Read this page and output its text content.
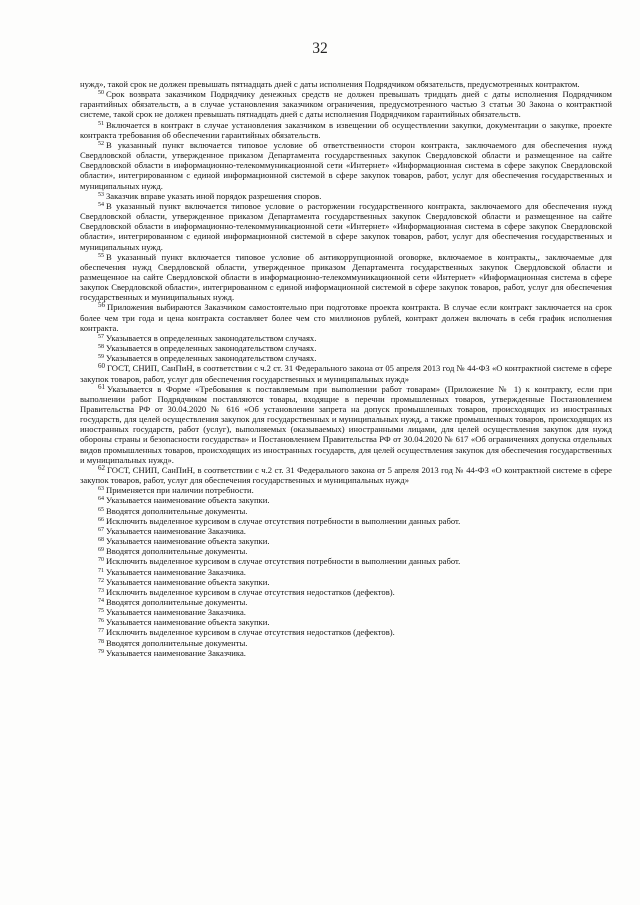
32

нужд», такой срок не должен превышать пятнадцать дней с даты исполнения Подрядчиком обязательств, предусмотренных контрактом.

$^{50}$ Срок возврата заказчиком Подрядчику денежных средств не должен превышать тридцать дней с даты исполнения Подрядчиком гарантийных обязательств, а в случае установления заказчиком ограничения, предусмотренного частью 3 статьи 30 Закона о контрактной системе, такой срок не должен превышать пятнадцать дней с даты исполнения Подрядчиком гарантийных обязательств.

$^{51}$ Включается в контракт в случае установления заказчиком в извещении об осуществлении закупки, документации о закупке, проекте контракта требования об обеспечении гарантийных обязательств.

$^{52}$ В указанный пункт включается типовое условие об ответственности сторон контракта, заключаемого для обеспечения нужд Свердловской области, утвержденное приказом Департамента государственных закупок Свердловской области и размещенное на сайте Свердловской области в информационно-телекоммуникационной сети «Интернет» «Информационная система в сфере закупок Свердловской области», интегрированном с единой информационной системой в сфере закупок товаров, работ, услуг для обеспечения государственных и муниципальных нужд.

$^{53}$ Заказчик вправе указать иной порядок разрешения споров.

$^{54}$ В указанный пункт включается типовое условие о расторжении государственного контракта, заключаемого для обеспечения нужд Свердловской области, утвержденное приказом Департамента государственных закупок Свердловской области и размещенное на сайте Свердловской области в информационно-телекоммуникационной сети «Интернет» «Информационная система в сфере закупок Свердловской области», интегрированном с единой информационной системой в сфере закупок товаров, работ, услуг для обеспечения государственных и муниципальных нужд.

$^{55}$ В указанный пункт включается типовое условие об антикоррупционной оговорке, включаемое в контракты,, заключаемые для обеспечения нужд Свердловской области, утвержденное приказом Департамента государственных закупок Свердловской области и размещенное на сайте Свердловской области в информационно-телекоммуникационной сети «Интернет» «Информационная система в сфере закупок Свердловской области», интегрированном с единой информационной системой в сфере закупок товаров, работ, услуг для обеспечения государственных и муниципальных нужд.

$^{56}$ Приложения выбираются Заказчиком самостоятельно при подготовке проекта контракта. В случае если контракт заключается на срок более чем три года и цена контракта составляет более чем сто миллионов рублей, контракт должен включать в себя график исполнения контракта.

$^{57}$ Указывается в определенных законодательством случаях.

$^{58}$ Указывается в определенных законодательством случаях.

$^{59}$ Указывается в определенных законодательством случаях.

$^{60}$ ГОСТ, СНИП, СанПиН, в соответствии с ч.2 ст. 31 Федерального закона от 05 апреля 2013 год № 44-ФЗ «О контрактной системе в сфере закупок товаров, работ, услуг для обеспечения государственных и муниципальных нужд»

$^{61}$ Указывается в Форме «Требования к поставляемым при выполнении работ товарам» (Приложение № 1) к контракту, если при выполнении работ Подрядчиком поставляются товары, входящие в перечни промышленных товаров, утвержденные Постановлением Правительства РФ от 30.04.2020 № 616 «Об установлении запрета на допуск промышленных товаров, происходящих из иностранных государств, для целей осуществления закупок для государственных и муниципальных нужд, а также промышленных товаров, происходящих из иностранных государств, работ (услуг), выполняемых (оказываемых) иностранными лицами, для целей осуществления закупок для нужд обороны страны и безопасности государства» и Постановлением Правительства РФ от 30.04.2020 № 617 «Об ограничениях допуска отдельных видов промышленных товаров, происходящих из иностранных государств, для целей осуществления закупок для обеспечения государственных и муниципальных нужд».

$^{62}$ ГОСТ, СНИП, СанПиН, в соответствии с ч.2 ст. 31 Федерального закона от 5 апреля 2013 год № 44-ФЗ «О контрактной системе в сфере закупок товаров, работ, услуг для обеспечения государственных и муниципальных нужд»

$^{63}$ Применяется при наличии потребности.

$^{64}$ Указывается наименование объекта закупки.

$^{65}$ Вводятся дополнительные документы.

$^{66}$ Исключить выделенное курсивом в случае отсутствия потребности в выполнении данных работ.

$^{67}$ Указывается наименование Заказчика.

$^{68}$ Указывается наименование объекта закупки.

$^{69}$ Вводятся дополнительные документы.

$^{70}$ Исключить выделенное курсивом в случае отсутствия потребности в выполнении данных работ.

$^{71}$ Указывается наименование Заказчика.

$^{72}$ Указывается наименование объекта закупки.

$^{73}$ Исключить выделенное курсивом в случае отсутствия недостатков (дефектов).

$^{74}$ Вводятся дополнительные документы.

$^{75}$ Указывается наименование Заказчика.

$^{76}$ Указывается наименование объекта закупки.

$^{77}$ Исключить выделенное курсивом в случае отсутствия недостатков (дефектов).

$^{78}$ Вводятся дополнительные документы.

$^{79}$ Указывается наименование Заказчика.
